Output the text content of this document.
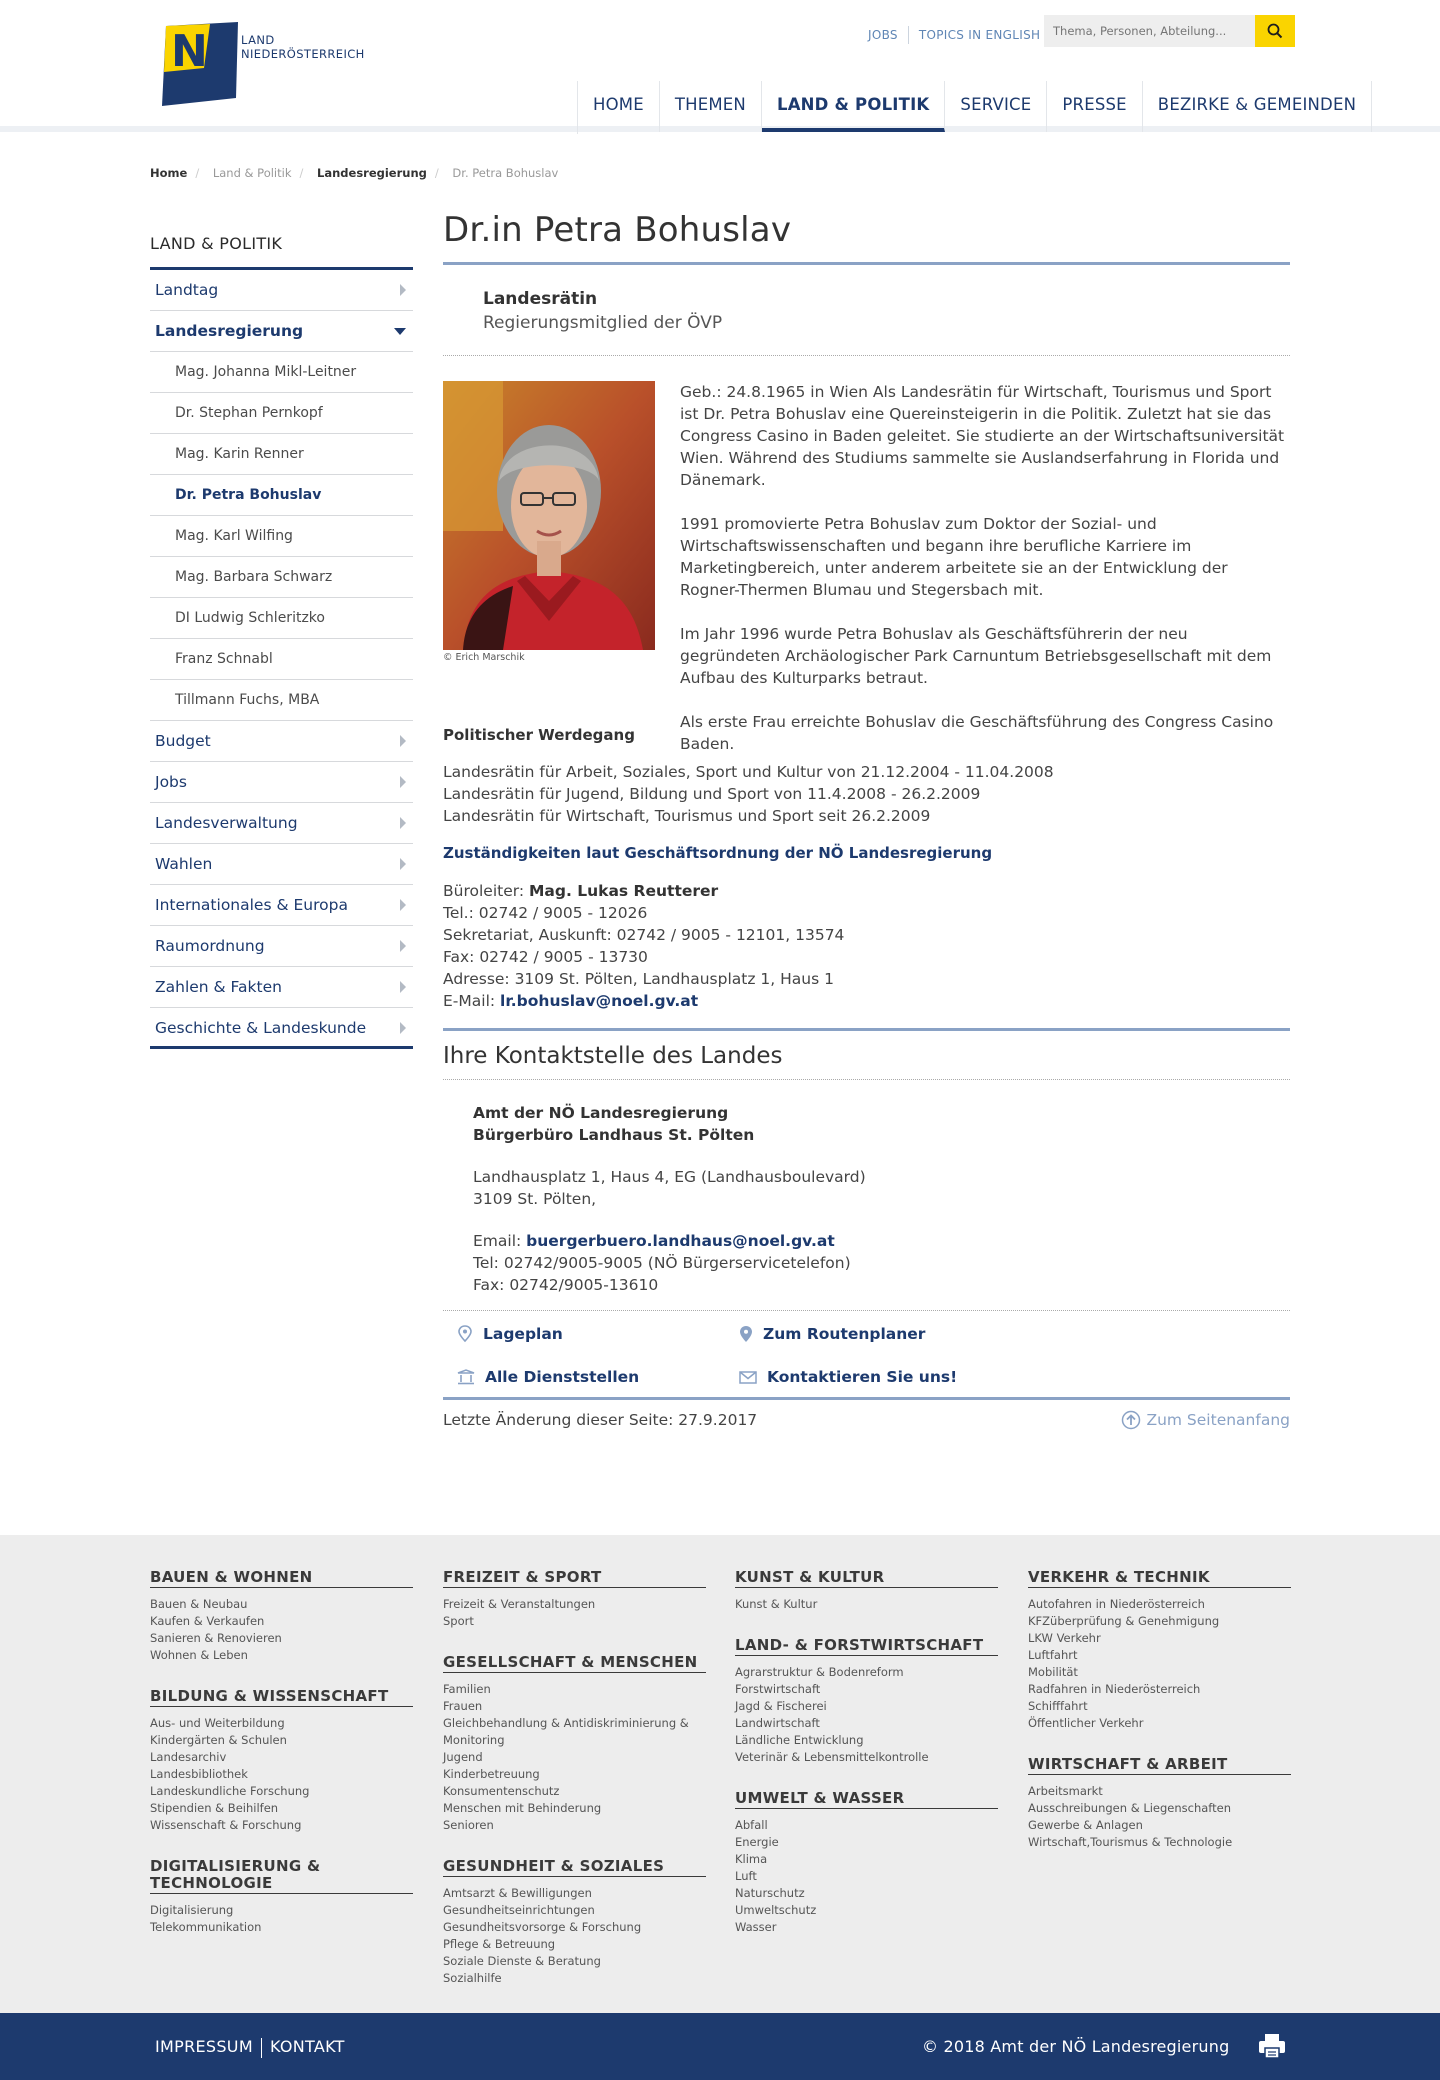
N	LAND
NIEDERÖSTERREICH
JOBS TOPICS IN ENGLISH
Thema, Personen, Abteilung...
HOME	THEMEN	LAND & POLITIK	SERVICE	PRESSE	BEZIRKE & GEMEINDEN
Home / Land & Politik / Landesregierung / Dr. Petra Bohuslav
LAND & POLITIK
Landtag
Landesregierung
Mag. Johanna Mikl-Leitner
Dr. Stephan Pernkopf
Mag. Karin Renner
Dr. Petra Bohuslav
Mag. Karl Wilfing
Mag. Barbara Schwarz
DI Ludwig Schleritzko
Franz Schnabl
Tillmann Fuchs, MBA
Budget
Jobs
Landesverwaltung
Wahlen
Internationales & Europa
Raumordnung
Zahlen & Fakten
Geschichte & Landeskunde
Dr.in Petra Bohuslav
Landesrätin
Regierungsmitglied der ÖVP
© Erich Marschik

Geb.: 24.8.1965 in Wien Als Landesrätin für Wirtschaft, Tourismus und Sport ist Dr. Petra Bohuslav eine Quereinsteigerin in die Politik. Zuletzt hat sie das Congress Casino in Baden geleitet. Sie studierte an der Wirtschaftsuniversität Wien. Während des Studiums sammelte sie Auslandserfahrung in Florida und Dänemark.

1991 promovierte Petra Bohuslav zum Doktor der Sozial- und Wirtschaftswissenschaften und begann ihre berufliche Karriere im Marketingbereich, unter anderem arbeitete sie an der Entwicklung der Rogner-Thermen Blumau und Stegersbach mit.

Im Jahr 1996 wurde Petra Bohuslav als Geschäftsführerin der neu gegründeten Archäologischer Park Carnuntum Betriebsgesellschaft mit dem Aufbau des Kulturparks betraut.

Als erste Frau erreichte Bohuslav die Geschäftsführung des Congress Casino Baden.

Politischer Werdegang
Landesrätin für Arbeit, Soziales, Sport und Kultur von 21.12.2004 - 11.04.2008
Landesrätin für Jugend, Bildung und Sport von 11.4.2008 - 26.2.2009
Landesrätin für Wirtschaft, Tourismus und Sport seit 26.2.2009
Zuständigkeiten laut Geschäftsordnung der NÖ Landesregierung
Büroleiter: Mag. Lukas Reutterer
Tel.: 02742 / 9005 - 12026
Sekretariat, Auskunft: 02742 / 9005 - 12101, 13574
Fax: 02742 / 9005 - 13730
Adresse: 3109 St. Pölten, Landhausplatz 1, Haus 1
E-Mail: lr.bohuslav@noel.gv.at
Ihre Kontaktstelle des Landes
Amt der NÖ Landesregierung
Bürgerbüro Landhaus St. Pölten
Landhausplatz 1, Haus 4, EG (Landhausboulevard)
3109 St. Pölten,
Email: buergerbuero.landhaus@noel.gv.at
Tel: 02742/9005-9005 (NÖ Bürgerservicetelefon)
Fax: 02742/9005-13610
Lageplan	Zum Routenplaner
Alle Dienststellen	Kontaktieren Sie uns!
Letzte Änderung dieser Seite: 27.9.2017	Zum Seitenanfang
BAUEN & WOHNEN
Bauen & Neubau
Kaufen & Verkaufen
Sanieren & Renovieren
Wohnen & Leben
BILDUNG & WISSENSCHAFT
Aus- und Weiterbildung
Kindergärten & Schulen
Landesarchiv
Landesbibliothek
Landeskundliche Forschung
Stipendien & Beihilfen
Wissenschaft & Forschung
DIGITALISIERUNG & TECHNOLOGIE
Digitalisierung
Telekommunikation
FREIZEIT & SPORT
Freizeit & Veranstaltungen
Sport
GESELLSCHAFT & MENSCHEN
Familien
Frauen
Gleichbehandlung & Antidiskriminierung & Monitoring
Jugend
Kinderbetreuung
Konsumentenschutz
Menschen mit Behinderung
Senioren
GESUNDHEIT & SOZIALES
Amtsarzt & Bewilligungen
Gesundheitseinrichtungen
Gesundheitsvorsorge & Forschung
Pflege & Betreuung
Soziale Dienste & Beratung
Sozialhilfe
KUNST & KULTUR
Kunst & Kultur
LAND- & FORSTWIRTSCHAFT
Agrarstruktur & Bodenreform
Forstwirtschaft
Jagd & Fischerei
Landwirtschaft
Ländliche Entwicklung
Veterinär & Lebensmittelkontrolle
UMWELT & WASSER
Abfall
Energie
Klima
Luft
Naturschutz
Umweltschutz
Wasser
VERKEHR & TECHNIK
Autofahren in Niederösterreich
KFZüberprüfung & Genehmigung
LKW Verkehr
Luftfahrt
Mobilität
Radfahren in Niederösterreich
Schifffahrt
Öffentlicher Verkehr
WIRTSCHAFT & ARBEIT
Arbeitsmarkt
Ausschreibungen & Liegenschaften
Gewerbe & Anlagen
Wirtschaft,Tourismus & Technologie
IMPRESSUM KONTAKT	© 2018 Amt der NÖ Landesregierung
